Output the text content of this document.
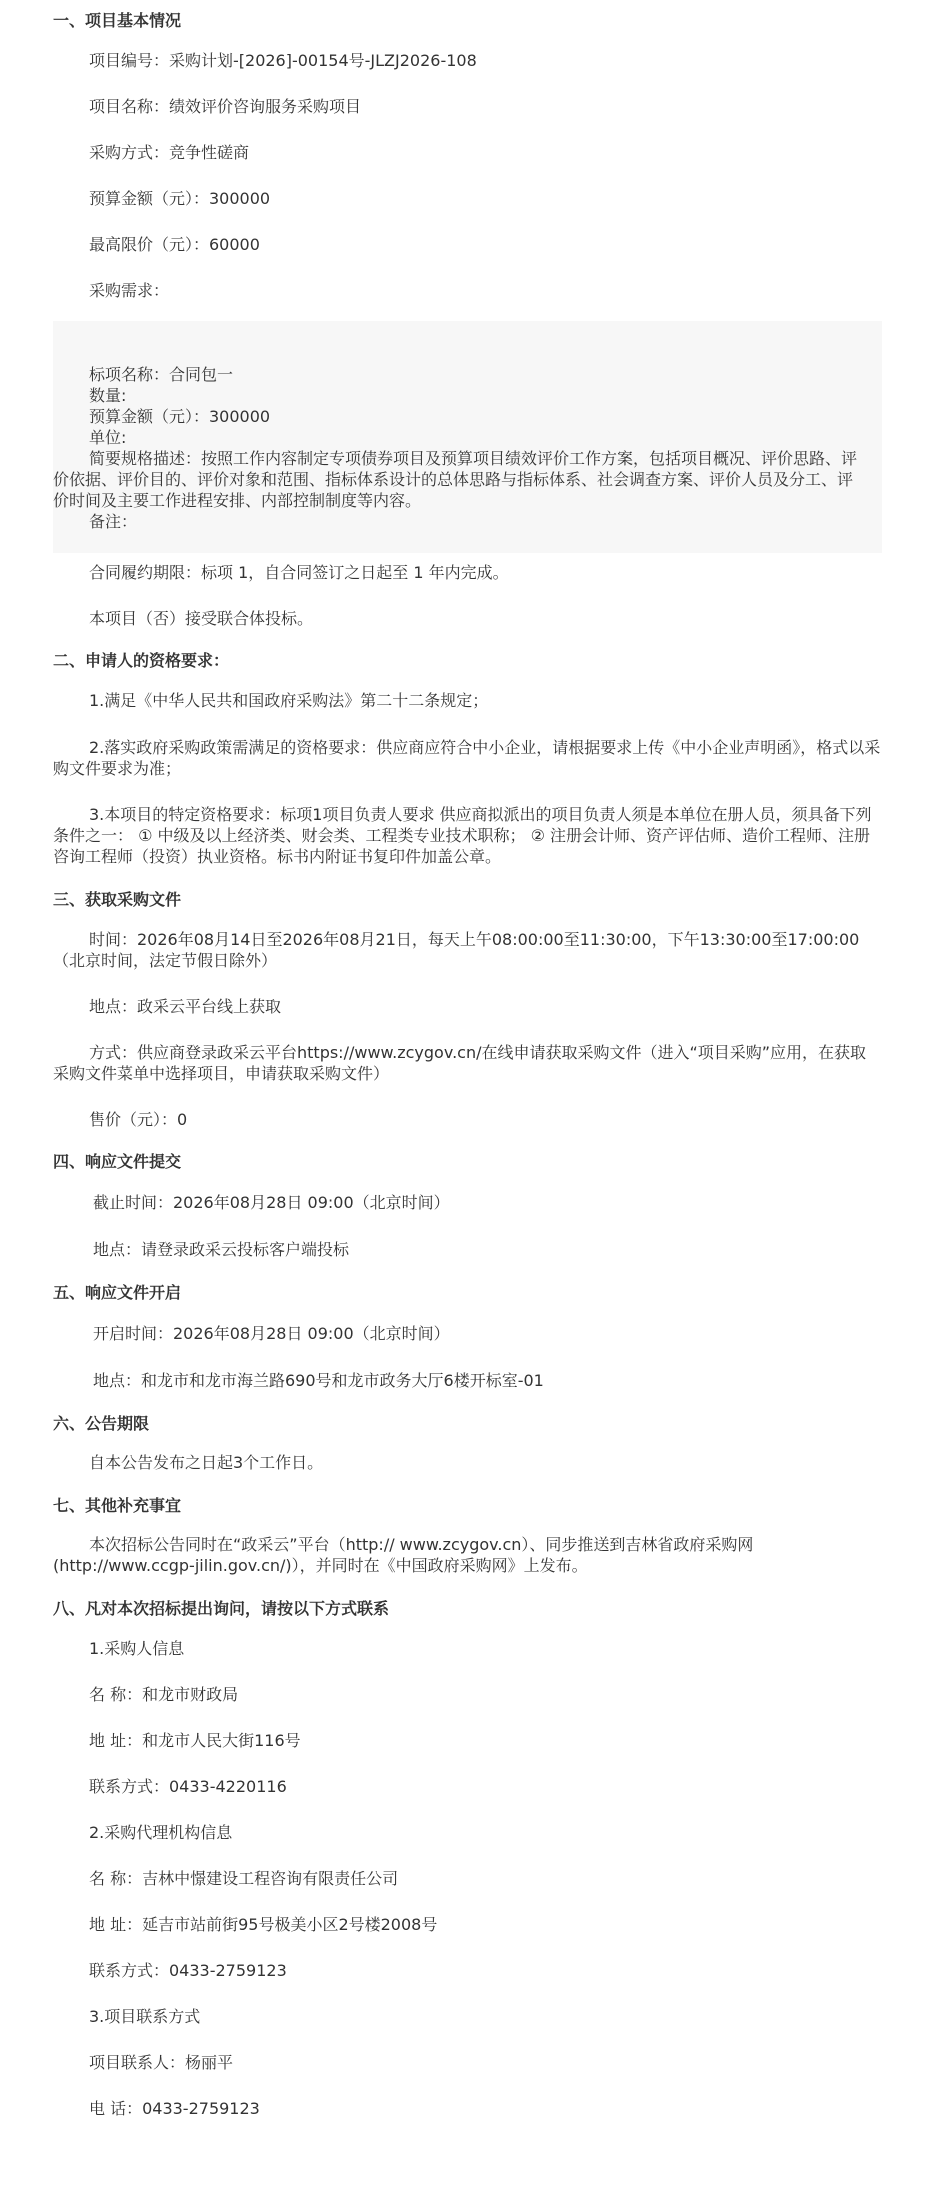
一、项目基本情况

项目编号：采购计划-[2026]-00154号-JLZJ2026-108

项目名称：绩效评价咨询服务采购项目

采购方式：竞争性磋商

预算金额（元）：300000

最高限价（元）：60000

采购需求：

标项名称：合同包一

数量:

预算金额（元）：300000

单位:

简要规格描述：按照工作内容制定专项债券项目及预算项目绩效评价工作方案，包括项目概况、评价思路、评价依据、评价目的、评价对象和范围、指标体系设计的总体思路与指标体系、社会调查方案、评价人员及分工、评价时间及主要工作进程安排、内部控制制度等内容。

备注：

合同履约期限：标项 1，自合同签订之日起至 1 年内完成。

本项目（否）接受联合体投标。

二、申请人的资格要求：

1.满足《中华人民共和国政府采购法》第二十二条规定；

2.落实政府采购政策需满足的资格要求：供应商应符合中小企业，请根据要求上传《中小企业声明函》，格式以采购文件要求为准；

3.本项目的特定资格要求：标项1项目负责人要求 供应商拟派出的项目负责人须是本单位在册人员，须具备下列条件之一： ① 中级及以上经济类、财会类、工程类专业技术职称； ② 注册会计师、资产评估师、造价工程师、注册咨询工程师（投资）执业资格。标书内附证书复印件加盖公章。

三、获取采购文件

时间：2026年08月14日至2026年08月21日，每天上午08:00:00至11:30:00，下午13:30:00至17:00:00（北京时间，法定节假日除外）

地点：政采云平台线上获取

方式：供应商登录政采云平台https://www.zcygov.cn/在线申请获取采购文件（进入“项目采购”应用，在获取采购文件菜单中选择项目，申请获取采购文件）

售价（元）：0

四、响应文件提交

截止时间：2026年08月28日 09:00（北京时间）

地点：请登录政采云投标客户端投标

五、响应文件开启

开启时间：2026年08月28日 09:00（北京时间）

地点：和龙市和龙市海兰路690号和龙市政务大厅6楼开标室-01

六、公告期限

自本公告发布之日起3个工作日。

七、其他补充事宜

本次招标公告同时在“政采云”平台（http:// www.zcygov.cn）、同步推送到吉林省政府采购网(http://www.ccgp-jilin.gov.cn/)），并同时在《中国政府采购网》上发布。

八、凡对本次招标提出询问，请按以下方式联系

1.采购人信息

名 称：和龙市财政局

地 址：和龙市人民大街116号

联系方式：0433-4220116

2.采购代理机构信息

名 称：吉林中憬建设工程咨询有限责任公司

地 址：延吉市站前街95号极美小区2号楼2008号

联系方式：0433-2759123

3.项目联系方式

项目联系人：杨丽平

电 话：0433-2759123
